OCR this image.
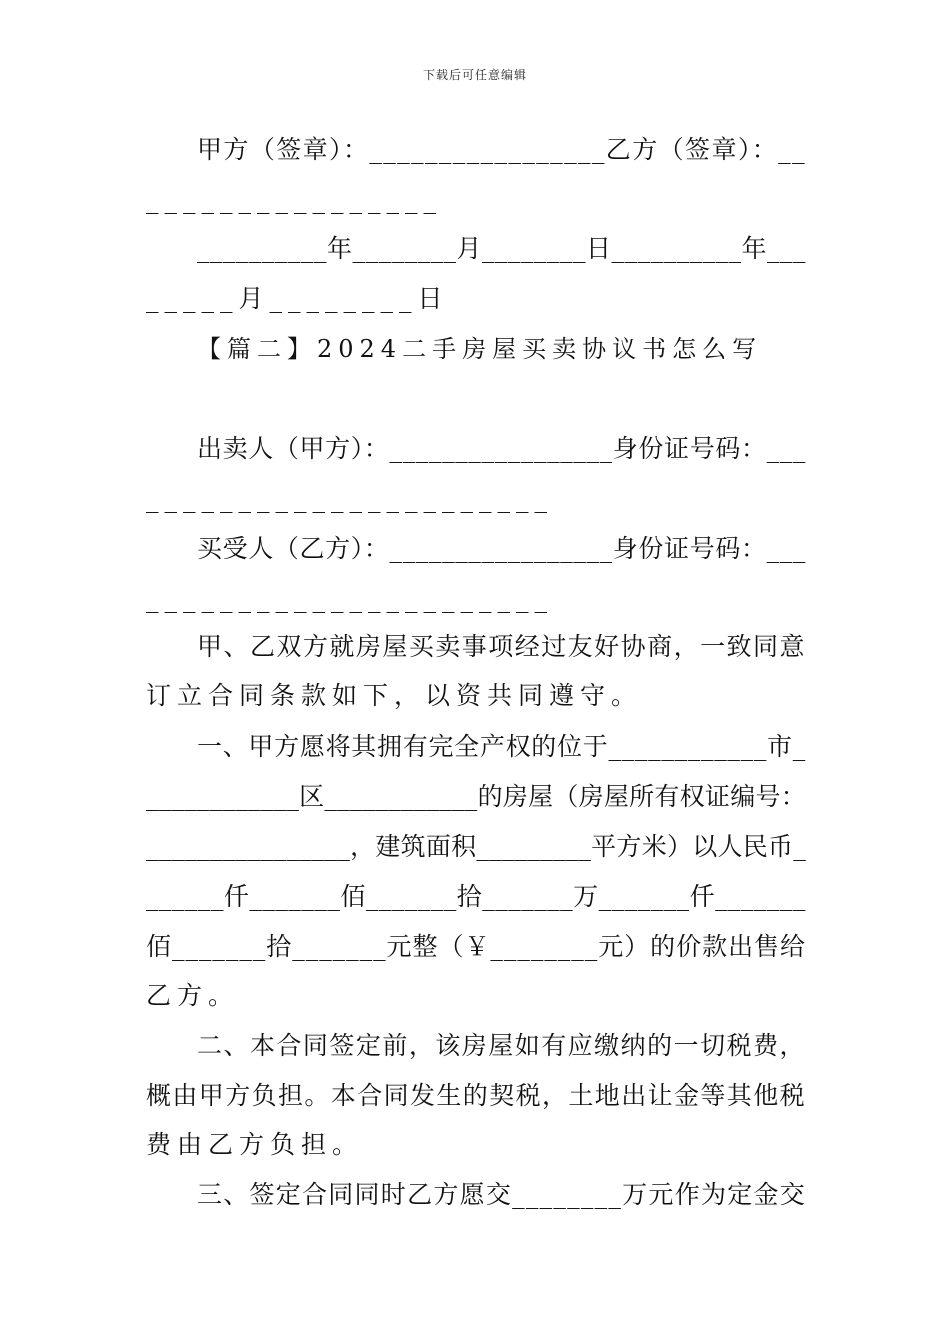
下载后可任意编辑
甲方（签章）：_________________乙方（签章）：__
________________
__________年________月________日__________年___
_____月________日
【篇二】2024二手房屋买卖协议书怎么写
出卖人（甲方）：_________________身份证号码：___
______________________
买受人（乙方）：_________________身份证号码：___
______________________
甲、乙双方就房屋买卖事项经过友好协商，一致同意
订立合同条款如下，以资共同遵守。
一、甲方愿将其拥有完全产权的位于____________市_
____________区____________的房屋（房屋所有权证编号：
________________，建筑面积_________平方米）以人民币_
______仟_______佰_______拾_______万_______仟_______
佰_______拾_______元整（￥________元）的价款出售给
乙方。
二、本合同签定前，该房屋如有应缴纳的一切税费，
概由甲方负担。本合同发生的契税，土地出让金等其他税
费由乙方负担。
三、签定合同同时乙方愿交________万元作为定金交
